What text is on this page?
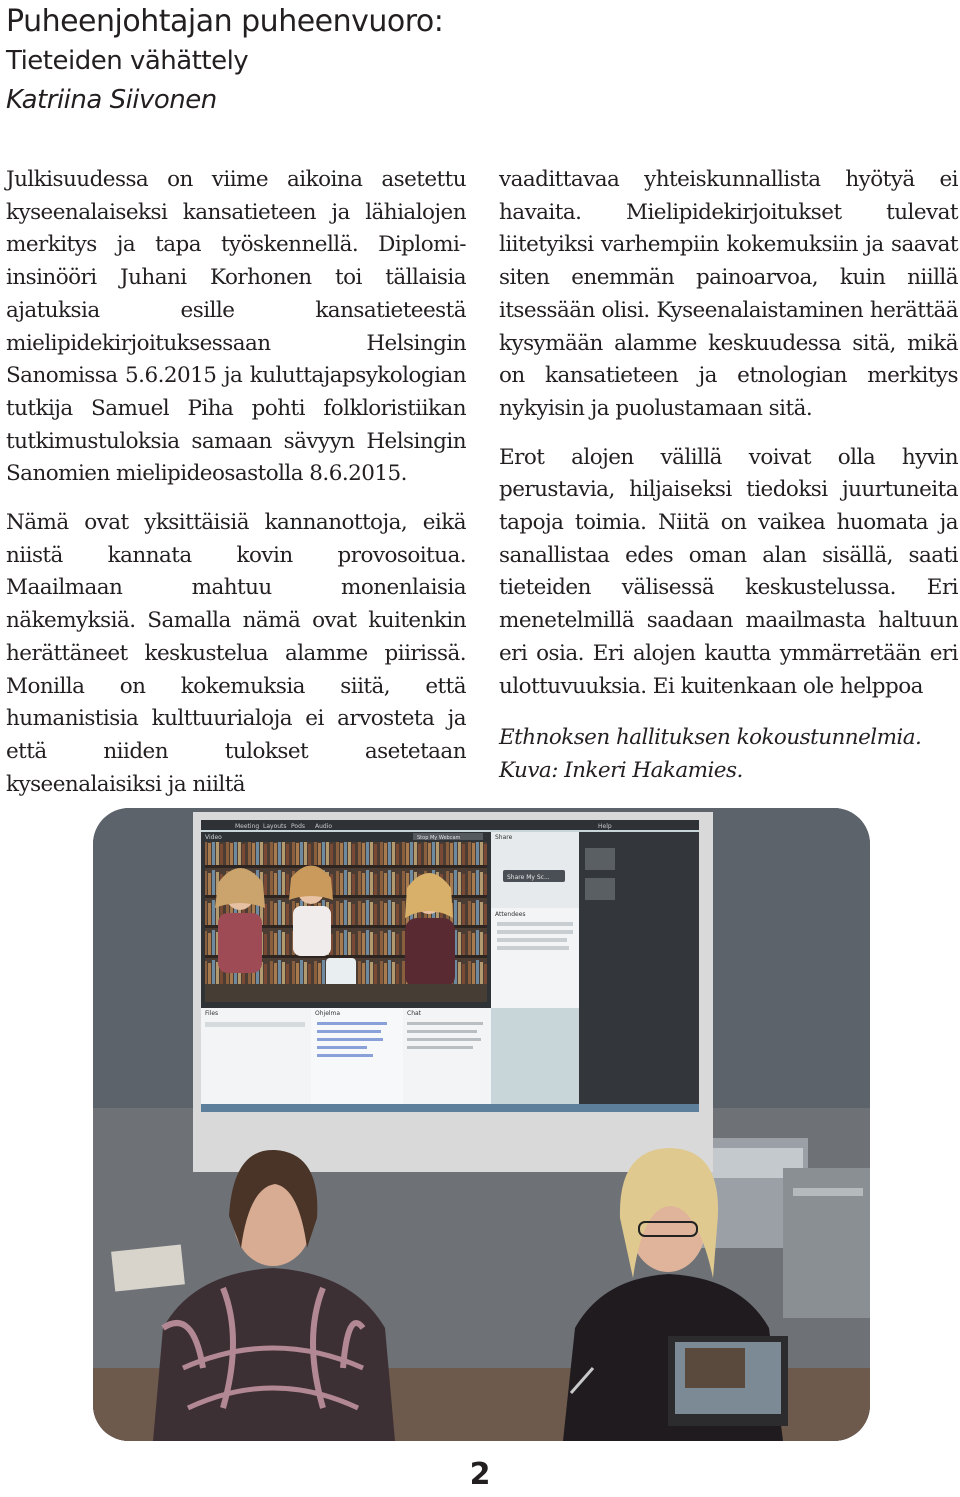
Puheenjohtajan puheenvuoro:
Tieteiden vähättely
Katriina Siivonen

Julkisuudessa on viime aikoina asetettu kyseenalaiseksi kansatieteen ja lähialojen merkitys ja tapa työskennellä. Diplomi-insinööri Juhani Korhonen toi tällaisia ajatuksia esille kansatieteestä mielipidekirjoituksessaan Helsingin Sanomissa 5.6.2015 ja kuluttajapsykologian tutkija Samuel Piha pohti folkloristiikan tutkimustuloksia samaan sävyyn Helsingin Sanomien mielipideosastolla 8.6.2015.

Nämä ovat yksittäisiä kannanottoja, eikä niistä kannata kovin provosoitua. Maailmaan mahtuu monenlaisia näkemyksiä. Samalla nämä ovat kuitenkin herättäneet keskustelua alamme piirissä. Monilla on kokemuksia siitä, että humanistisia kulttuurialoja ei arvosteta ja että niiden tulokset asetetaan kyseenalaisiksi ja niiltä

vaadittavaa yhteiskunnallista hyötyä ei havaita. Mielipidekirjoitukset tulevat liitetyiksi varhempiin kokemuksiin ja saavat siten enemmän painoarvoa, kuin niillä itsessään olisi. Kyseenalaistaminen herättää kysymään alamme keskuudessa sitä, mikä on kansatieteen ja etnologian merkitys nykyisin ja puolustamaan sitä.

Erot alojen välillä voivat olla hyvin perustavia, hiljaiseksi tiedoksi juurtuneita tapoja toimia. Niitä on vaikea huomata ja sanallistaa edes oman alan sisällä, saati tieteiden välisessä keskustelussa. Eri menetelmillä saadaan maailmasta haltuun eri osia. Eri alojen kautta ymmärretään eri ulottuvuuksia. Ei kuitenkaan ole helppoa

Ethnoksen hallituksen kokoustunnelmia.
Kuva: Inkeri Hakamies.

Meeting Layouts Pods Audio	Help
Video	Stop My Webcam	Share
Share My Sc...
Attendees
Files	Ohjelma	Chat
2
